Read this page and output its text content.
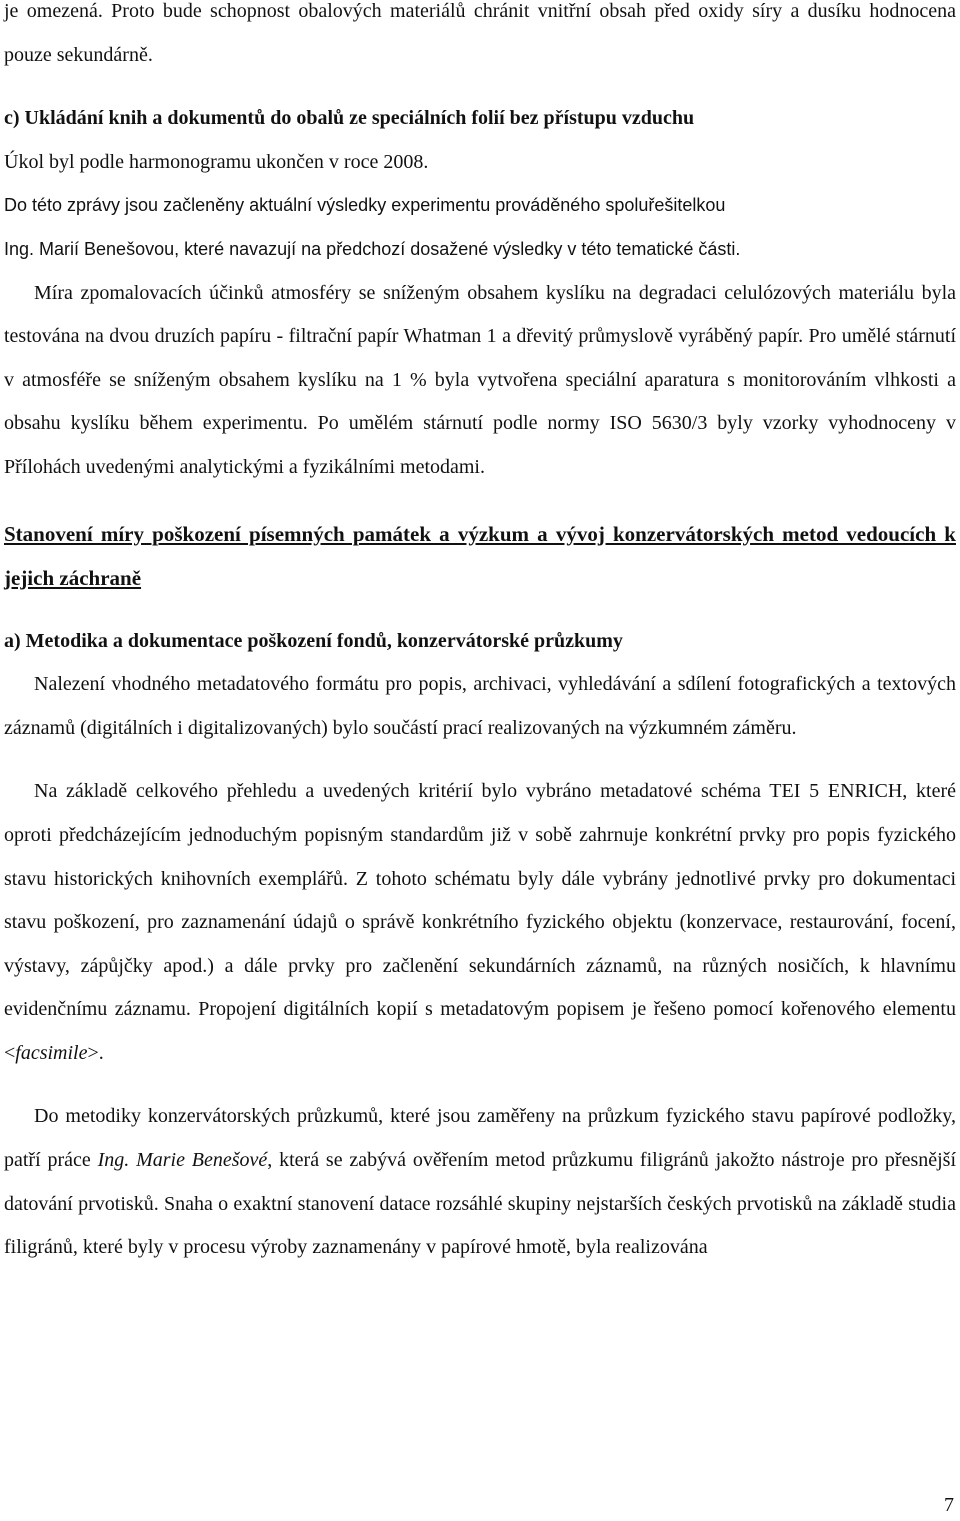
je omezená. Proto bude schopnost obalových materiálů chránit vnitřní obsah před oxidy síry a dusíku hodnocena pouze sekundárně.

c) Ukládání knih a dokumentů do obalů ze speciálních folií bez přístupu vzduchu

Úkol byl podle harmonogramu ukončen v roce 2008.

Do této zprávy jsou začleněny aktuální výsledky experimentu prováděného spoluřešitelkou

Ing. Marií Benešovou, které navazují na předchozí dosažené výsledky v této tematické části.

Míra zpomalovacích účinků atmosféry se sníženým obsahem kyslíku na degradaci celulózových materiálu byla testována na dvou druzích papíru - filtrační papír Whatman 1 a dřevitý průmyslově vyráběný papír. Pro umělé stárnutí v atmosféře se sníženým obsahem kyslíku na 1 % byla vytvořena speciální aparatura s monitorováním vlhkosti a obsahu kyslíku během experimentu. Po umělém stárnutí podle normy ISO 5630/3 byly vzorky vyhodnoceny v Přílohách uvedenými analytickými a fyzikálními metodami.

Stanovení míry poškození písemných památek a výzkum a vývoj konzervátorských metod vedoucích k jejich záchraně

a) Metodika a dokumentace poškození fondů, konzervátorské průzkumy

Nalezení vhodného metadatového formátu pro popis, archivaci, vyhledávání a sdílení fotografických a textových záznamů (digitálních i digitalizovaných) bylo součástí prací realizovaných na výzkumném záměru.

Na základě celkového přehledu a uvedených kritérií bylo vybráno metadatové schéma TEI 5 ENRICH, které oproti předcházejícím jednoduchým popisným standardům již v sobě zahrnuje konkrétní prvky pro popis fyzického stavu historických knihovních exemplářů. Z tohoto schématu byly dále vybrány jednotlivé prvky pro dokumentaci stavu poškození, pro zaznamenání údajů o správě konkrétního fyzického objektu (konzervace, restaurování, focení, výstavy, zápůjčky apod.) a dále prvky pro začlenění sekundárních záznamů, na různých nosičích, k hlavnímu evidenčnímu záznamu. Propojení digitálních kopií s metadatovým popisem je řešeno pomocí kořenového elementu <facsimile>.

Do metodiky konzervátorských průzkumů, které jsou zaměřeny na průzkum fyzického stavu papírové podložky, patří práce Ing. Marie Benešové, která se zabývá ověřením metod průzkumu filigránů jakožto nástroje pro přesnější datování prvotisků. Snaha o exaktní stanovení datace rozsáhlé skupiny nejstarších českých prvotisků na základě studia filigránů, které byly v procesu výroby zaznamenány v papírové hmotě, byla realizována

7
